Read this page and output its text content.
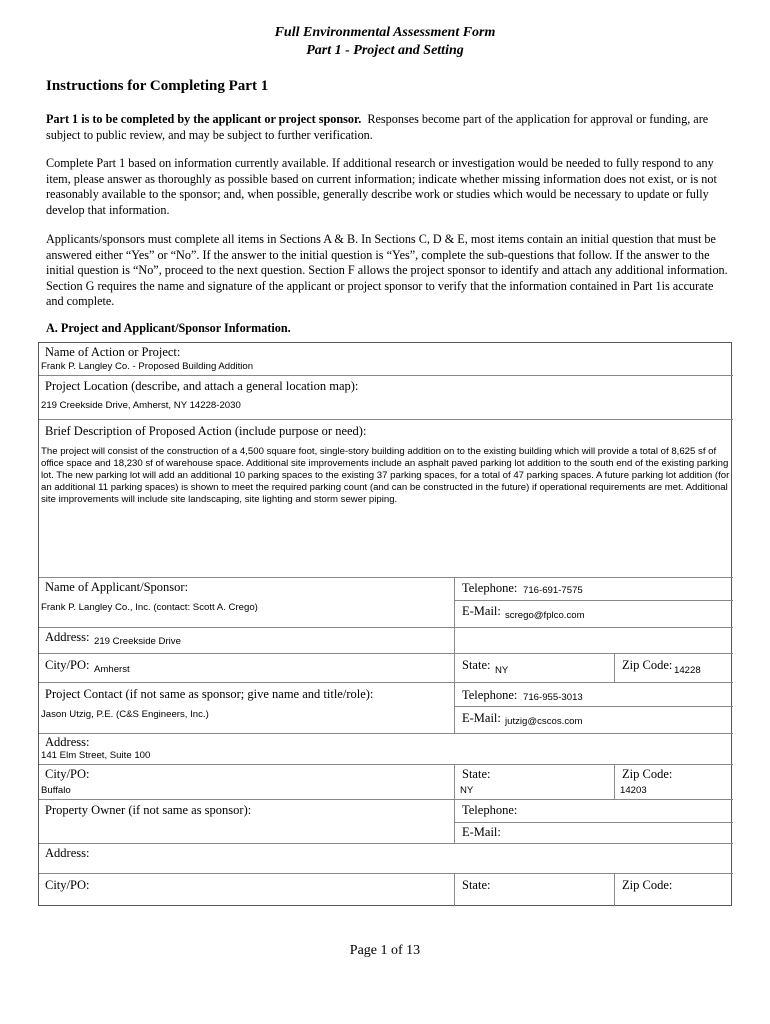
Full Environmental Assessment Form
Part 1 - Project and Setting
Instructions for Completing Part 1
Part 1 is to be completed by the applicant or project sponsor. Responses become part of the application for approval or funding, are subject to public review, and may be subject to further verification.
Complete Part 1 based on information currently available. If additional research or investigation would be needed to fully respond to any item, please answer as thoroughly as possible based on current information; indicate whether missing information does not exist, or is not reasonably available to the sponsor; and, when possible, generally describe work or studies which would be necessary to update or fully develop that information.
Applicants/sponsors must complete all items in Sections A & B. In Sections C, D & E, most items contain an initial question that must be answered either “Yes” or “No”. If the answer to the initial question is “Yes”, complete the sub-questions that follow. If the answer to the initial question is “No”, proceed to the next question. Section F allows the project sponsor to identify and attach any additional information. Section G requires the name and signature of the applicant or project sponsor to verify that the information contained in Part 1is accurate and complete.
A. Project and Applicant/Sponsor Information.
Name of Action or Project:
Frank P. Langley Co. - Proposed Building Addition
Project Location (describe, and attach a general location map):
219 Creekside Drive, Amherst, NY 14228-2030
Brief Description of Proposed Action (include purpose or need):
The project will consist of the construction of a 4,500 square foot, single-story building addition on to the existing building which will provide a total of 8,625 sf of office space and 18,230 sf of warehouse space. Additional site improvements include an asphalt paved parking lot addition to the south end of the existing parking lot. The new parking lot will add an additional 10 parking spaces to the existing 37 parking spaces, for a total of 47 parking spaces. A future parking lot addition (for an additional 11 parking spaces) is shown to meet the required parking count (and can be constructed in the future) if operational requirements are met. Additional site improvements will include site landscaping, site lighting and storm sewer piping.
Name of Applicant/Sponsor:
Frank P. Langley Co., Inc. (contact: Scott A. Crego)
Telephone: 716-691-7575
E-Mail: scrego@fplco.com
Address: 219 Creekside Drive
City/PO: Amherst	State: NY	Zip Code: 14228
Project Contact (if not same as sponsor; give name and title/role):
Jason Utzig, P.E. (C&S Engineers, Inc.)
Telephone: 716-955-3013
E-Mail: jutzig@cscos.com
Address:
141 Elm Street, Suite 100
City/PO:
Buffalo
State:
NY
Zip Code:
14203
Property Owner (if not same as sponsor):	Telephone:
E-Mail:
Address:
City/PO:	State:	Zip Code:
Page 1 of 13
